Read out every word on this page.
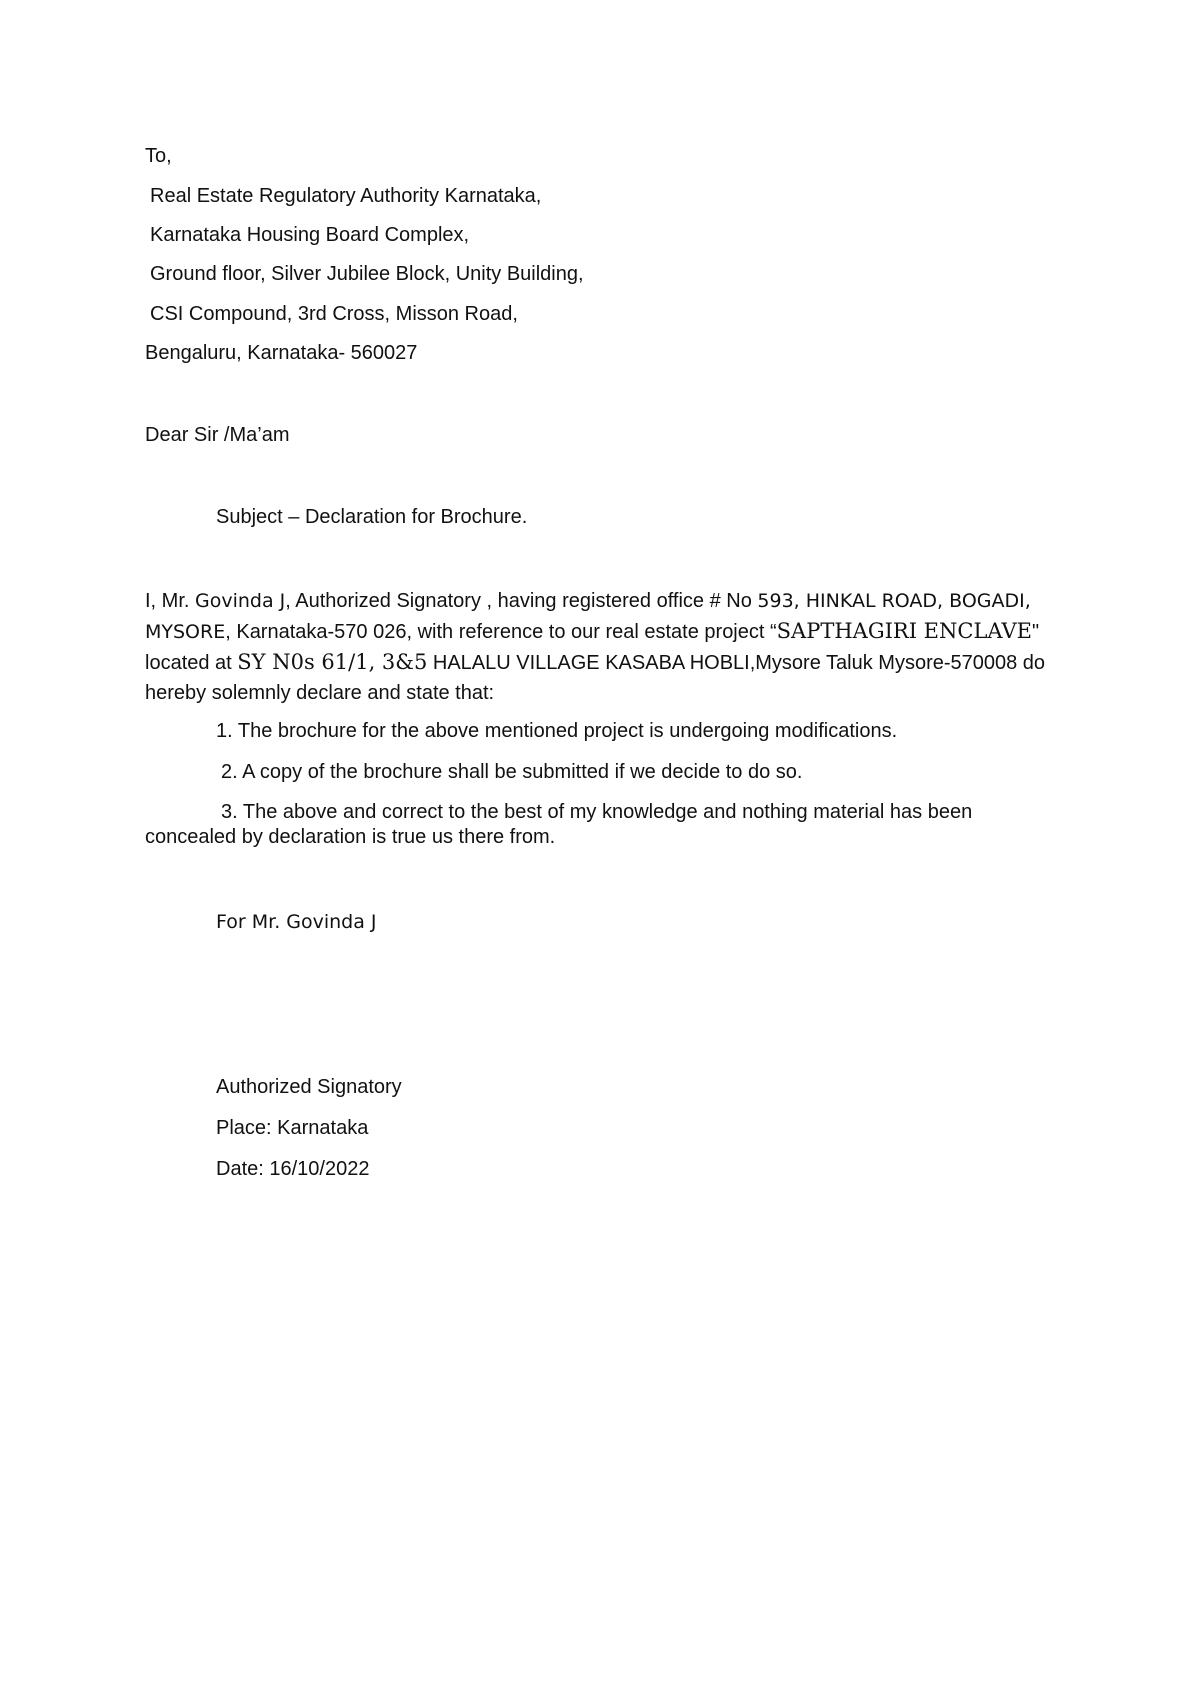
To,
Real Estate Regulatory Authority Karnataka,
Karnataka Housing Board Complex,
Ground floor, Silver Jubilee Block, Unity Building,
CSI Compound, 3rd Cross, Misson Road,
Bengaluru, Karnataka- 560027
Dear Sir /Ma’am
Subject – Declaration for Brochure.
I, Mr. Govinda J, Authorized Signatory , having registered office # No 593, HINKAL ROAD, BOGADI, MYSORE, Karnataka-570 026, with reference to our real estate project “SAPTHAGIRI ENCLAVE" located at SY N0s 61/1, 3&5 HALALU VILLAGE KASABA HOBLI,Mysore Taluk Mysore-570008 do hereby solemnly declare and state that:
1. The brochure for the above mentioned project is undergoing modifications.
2. A copy of the brochure shall be submitted if we decide to do so.
3. The above and correct to the best of my knowledge and nothing material has been concealed by declaration is true us there from.
For Mr. Govinda J
Authorized Signatory
Place: Karnataka
Date: 16/10/2022
